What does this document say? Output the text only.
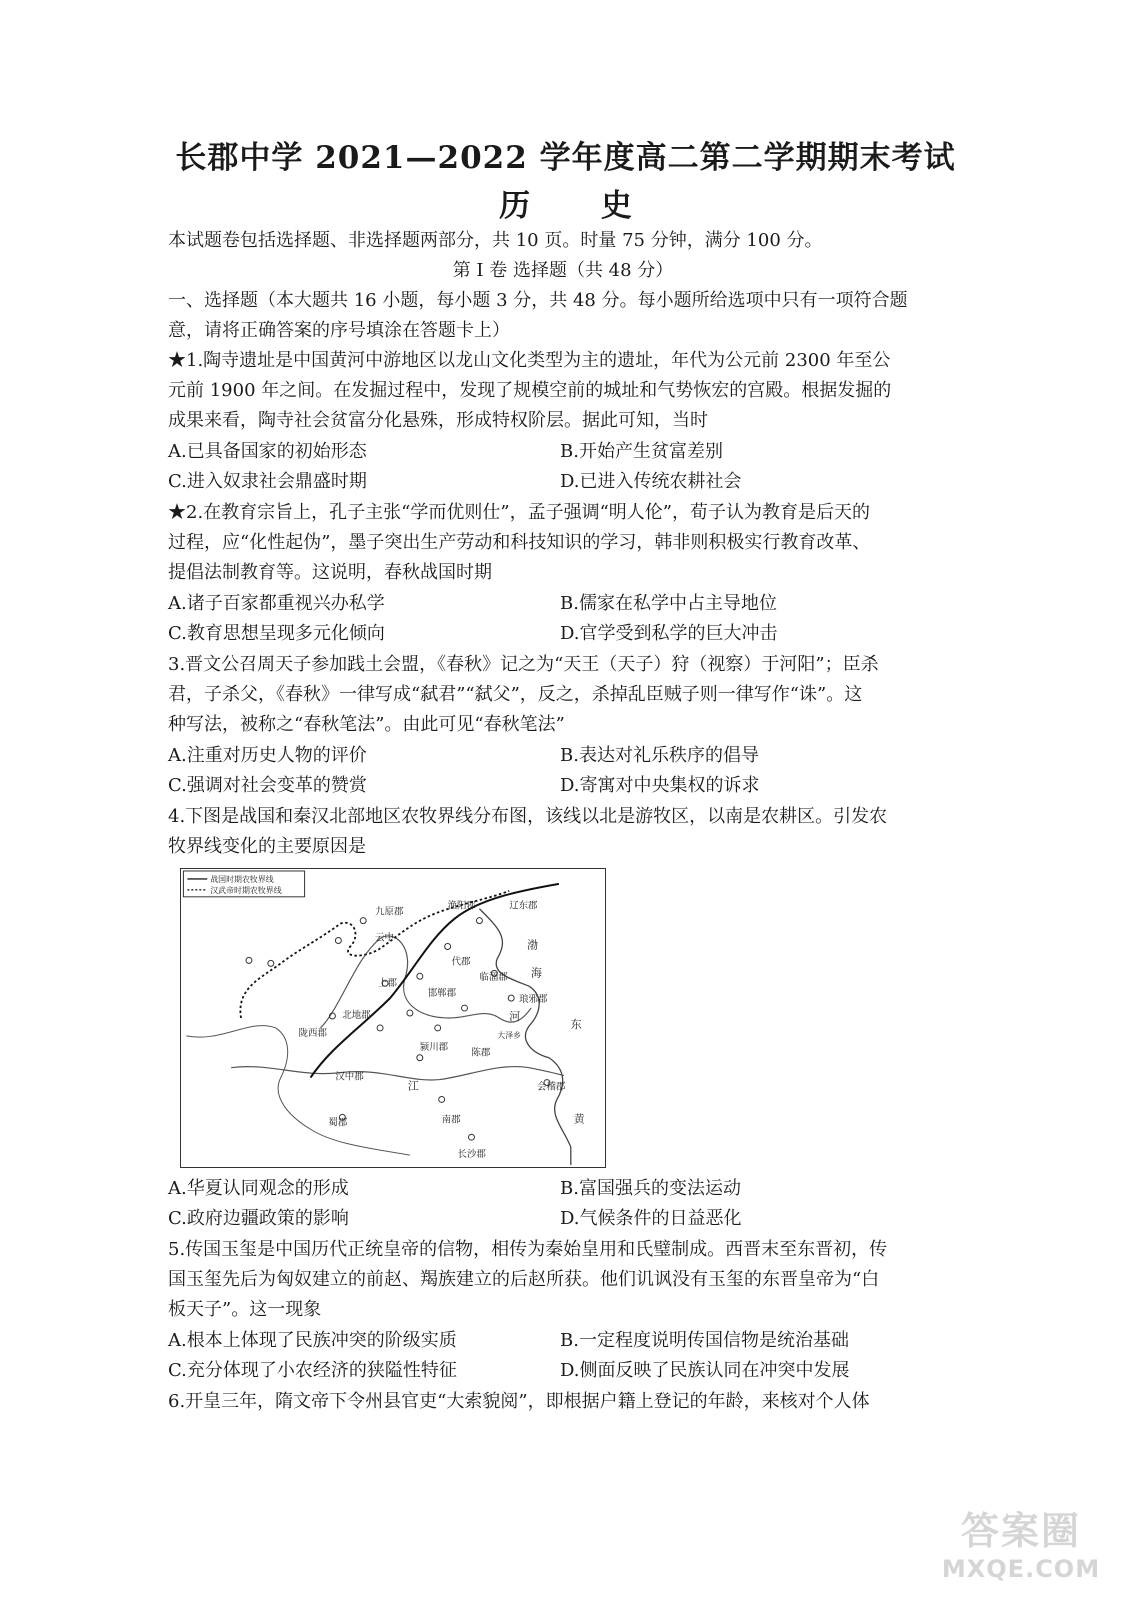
长郡中学 2021—2022 学年度高二第二学期期末考试
历 史
本试题卷包括选择题、非选择题两部分，共 10 页。时量 75 分钟，满分 100 分。
第 I 卷 选择题（共 48 分）
一、选择题（本大题共 16 小题，每小题 3 分，共 48 分。每小题所给选项中只有一项符合题
意，请将正确答案的序号填涂在答题卡上）
★1.陶寺遗址是中国黄河中游地区以龙山文化类型为主的遗址，年代为公元前 2300 年至公
元前 1900 年之间。在发掘过程中，发现了规模空前的城址和气势恢宏的宫殿。根据发掘的
成果来看，陶寺社会贫富分化悬殊，形成特权阶层。据此可知，当时
A.已具备国家的初始形态	B.开始产生贫富差别
C.进入奴隶社会鼎盛时期	D.已进入传统农耕社会
★2.在教育宗旨上，孔子主张“学而优则仕”，孟子强调“明人伦”，荀子认为教育是后天的
过程，应“化性起伪”，墨子突出生产劳动和科技知识的学习，韩非则积极实行教育改革、
提倡法制教育等。这说明，春秋战国时期
A.诸子百家都重视兴办私学	B.儒家在私学中占主导地位
C.教育思想呈现多元化倾向	D.官学受到私学的巨大冲击
3.晋文公召周天子参加践土会盟，《春秋》记之为“天王（天子）狩（视察）于河阳”；臣杀
君，子杀父，《春秋》一律写成“弑君”“弑父”，反之，杀掉乱臣贼子则一律写作“诛”。这
种写法，被称之“春秋笔法”。由此可见“春秋笔法”
A.注重对历史人物的评价	B.表达对礼乐秩序的倡导
C.强调对社会变革的赞赏	D.寄寓对中央集权的诉求
4.下图是战国和秦汉北部地区农牧界线分布图，该线以北是游牧区，以南是农耕区。引发农
牧界线变化的主要原因是
战国时期农牧界线
汉武帝时期农牧界线
九原郡
渔阳郡	辽东郡
代郡
云中
上郡
邯郸郡
临淄郡
琅邪郡
北地郡
陇西郡
颍川郡
陈郡
大泽乡
汉中郡
会稽郡
蜀郡	南郡
长沙郡
渤
海
东
黄
河
江
A.华夏认同观念的形成	B.富国强兵的变法运动
C.政府边疆政策的影响	D.气候条件的日益恶化
5.传国玉玺是中国历代正统皇帝的信物，相传为秦始皇用和氏璧制成。西晋末至东晋初，传
国玉玺先后为匈奴建立的前赵、羯族建立的后赵所获。他们讥讽没有玉玺的东晋皇帝为“白
板天子”。这一现象
A.根本上体现了民族冲突的阶级实质	B.一定程度说明传国信物是统治基础
C.充分体现了小农经济的狭隘性特征	D.侧面反映了民族认同在冲突中发展
6.开皇三年，隋文帝下令州县官吏“大索貌阅”，即根据户籍上登记的年龄，来核对个人体
答案圈
MXQE.COM
